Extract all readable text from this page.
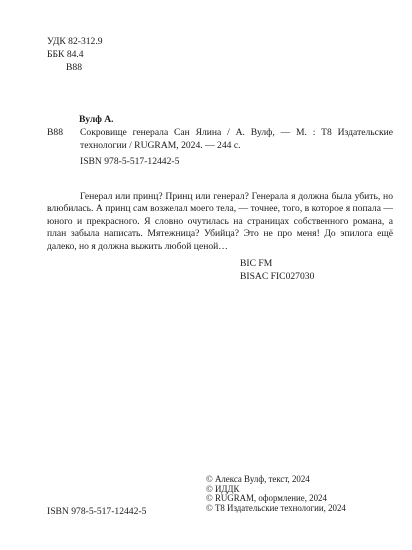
УДК 82-312.9
ББК 84.4
В88
В88
Вулф А.
Сокровище генерала Сан Ялина / А. Вулф, — М. : Т8 Издательские технологии / RUGRAM, 2024. — 244 с.
ISBN 978-5-517-12442-5
Генерал или принц? Принц или генерал? Генерала я должна была убить, но влюбилась. А принц сам возжелал моего тела, — точнее, того, в которое я попала — юного и прекрасного. Я словно очутилась на страницах собственного романа, а план забыла написать. Мятежница? Убийца? Это не про меня! До эпилога ещё далеко, но я должна выжить любой ценой…
BIC FM
BISAC FIC027030
© Алекса Вулф, текст, 2024
© ИДДК
© RUGRAM, оформление, 2024
© Т8 Издательские технологии, 2024
ISBN 978-5-517-12442-5
